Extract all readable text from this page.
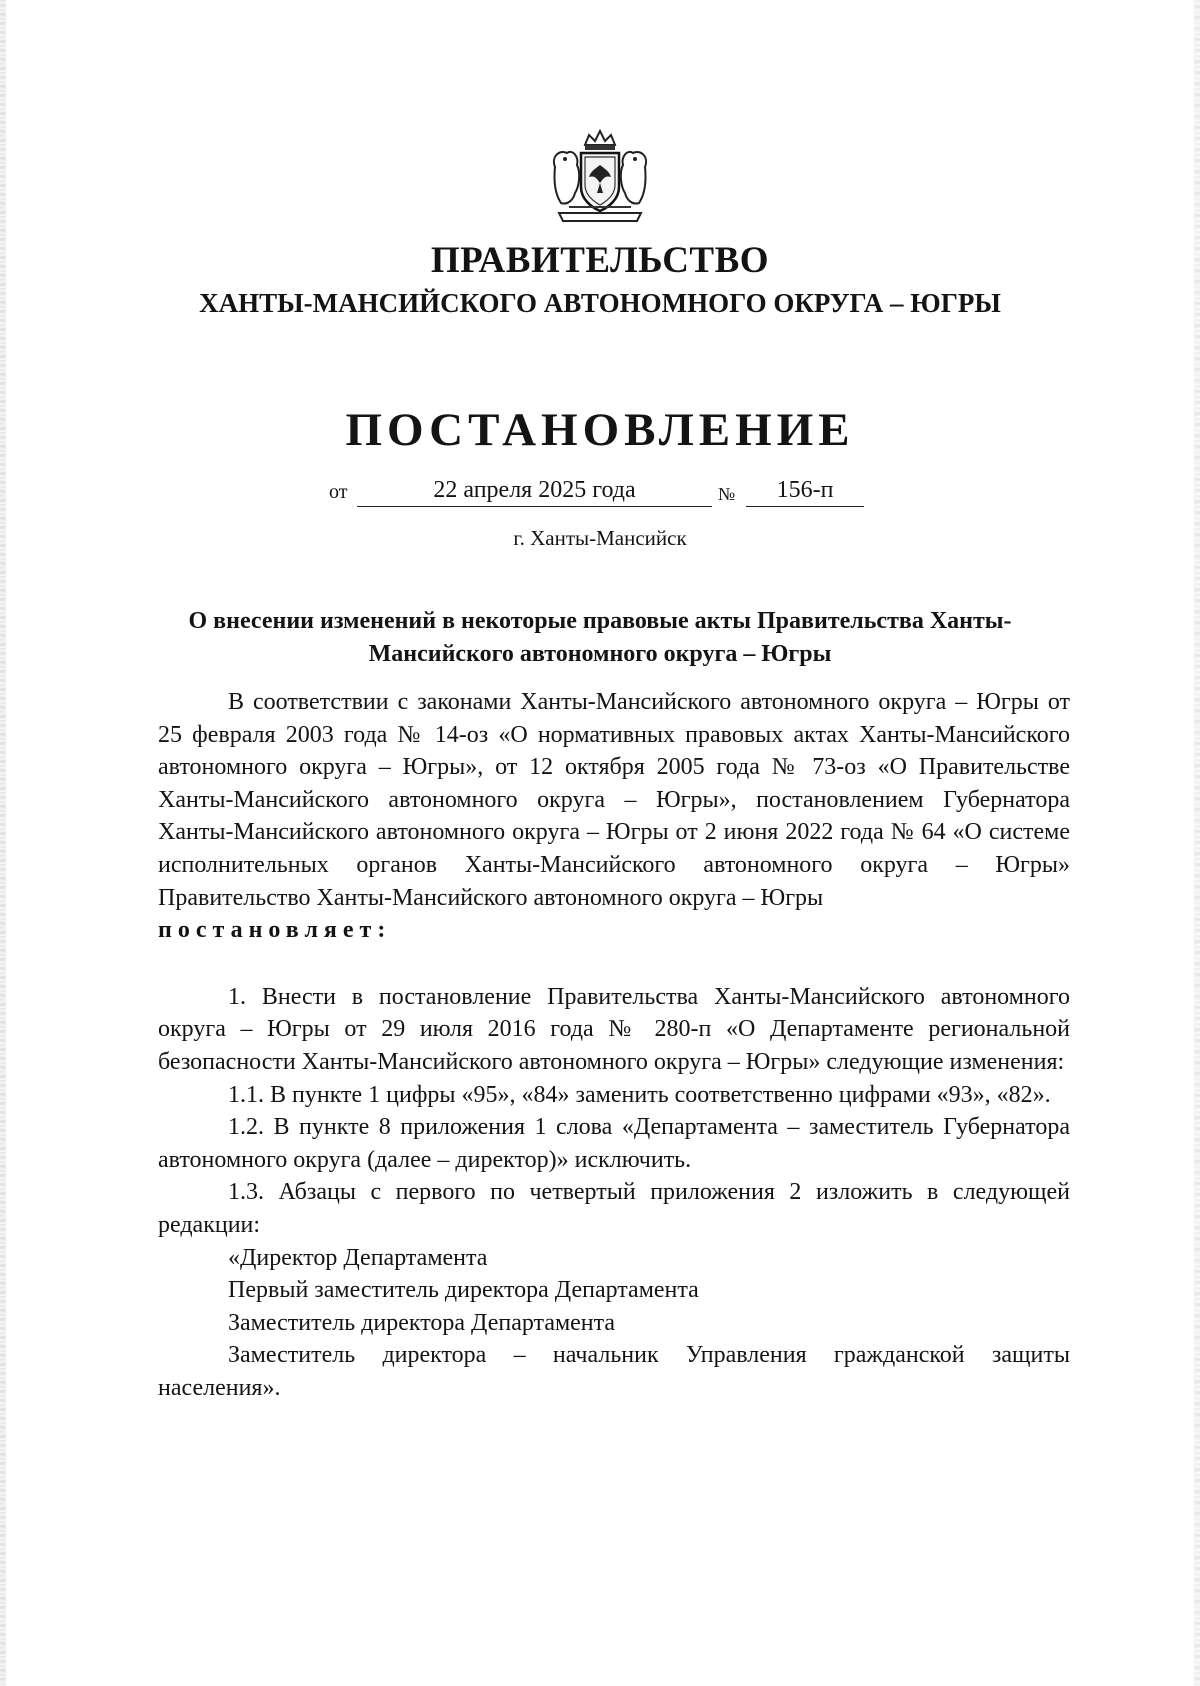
ПРАВИТЕЛЬСТВО
ХАНТЫ-МАНСИЙСКОГО АВТОНОМНОГО ОКРУГА – ЮГРЫ
ПОСТАНОВЛЕНИЕ
от	22 апреля 2025 года	№	156-п
г. Ханты-Мансийск
О внесении изменений в некоторые правовые акты Правительства Ханты-Мансийского автономного округа – Югры

В соответствии с законами Ханты-Мансийского автономного округа – Югры от 25 февраля 2003 года № 14-оз «О нормативных правовых актах Ханты-Мансийского автономного округа – Югры», от 12 октября 2005 года № 73-оз «О Правительстве Ханты-Мансийского автономного округа – Югры», постановлением Губернатора Ханты-Мансийского автономного округа – Югры от 2 июня 2022 года № 64 «О системе исполнительных органов Ханты-Мансийского автономного округа – Югры» Правительство Ханты-Мансийского автономного округа – Югры

постановляет:

1. Внести в постановление Правительства Ханты-Мансийского автономного округа – Югры от 29 июля 2016 года № 280-п «О Департаменте региональной безопасности Ханты-Мансийского автономного округа – Югры» следующие изменения:

1.1. В пункте 1 цифры «95», «84» заменить соответственно цифрами «93», «82».

1.2. В пункте 8 приложения 1 слова «Департамента – заместитель Губернатора автономного округа (далее – директор)» исключить.

1.3. Абзацы с первого по четвертый приложения 2 изложить в следующей редакции:

«Директор Департамента

Первый заместитель директора Департамента

Заместитель директора Департамента

Заместитель директора – начальник Управления гражданской защиты населения».
